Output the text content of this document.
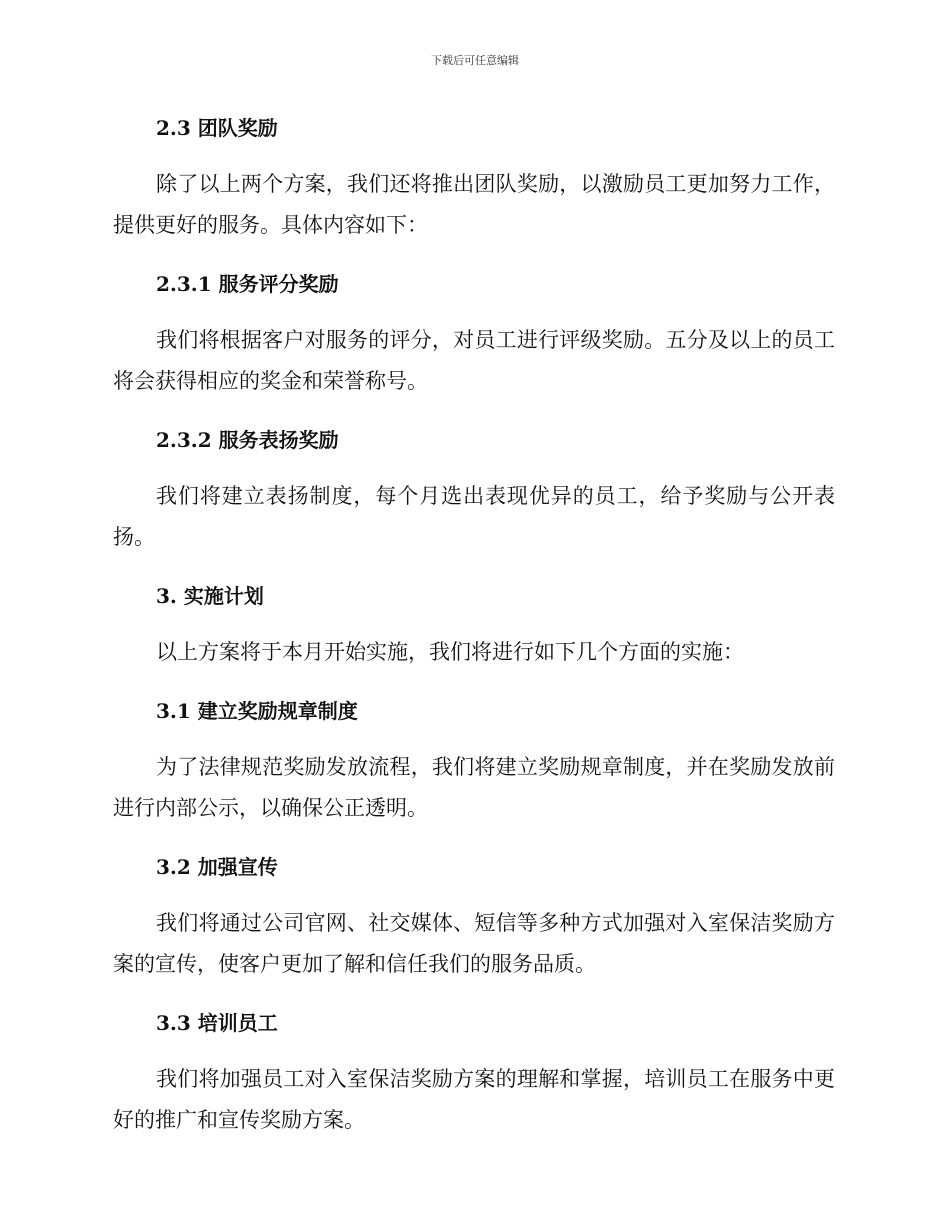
下载后可任意编辑
2.3 团队奖励

除了以上两个方案，我们还将推出团队奖励，以激励员工更加努力工作，提供更好的服务。具体内容如下：

2.3.1 服务评分奖励

我们将根据客户对服务的评分，对员工进行评级奖励。五分及以上的员工将会获得相应的奖金和荣誉称号。

2.3.2 服务表扬奖励

我们将建立表扬制度，每个月选出表现优异的员工，给予奖励与公开表扬。

3. 实施计划

以上方案将于本月开始实施，我们将进行如下几个方面的实施：

3.1 建立奖励规章制度

为了法律规范奖励发放流程，我们将建立奖励规章制度，并在奖励发放前进行内部公示，以确保公正透明。

3.2 加强宣传

我们将通过公司官网、社交媒体、短信等多种方式加强对入室保洁奖励方案的宣传，使客户更加了解和信任我们的服务品质。

3.3 培训员工

我们将加强员工对入室保洁奖励方案的理解和掌握，培训员工在服务中更好的推广和宣传奖励方案。
